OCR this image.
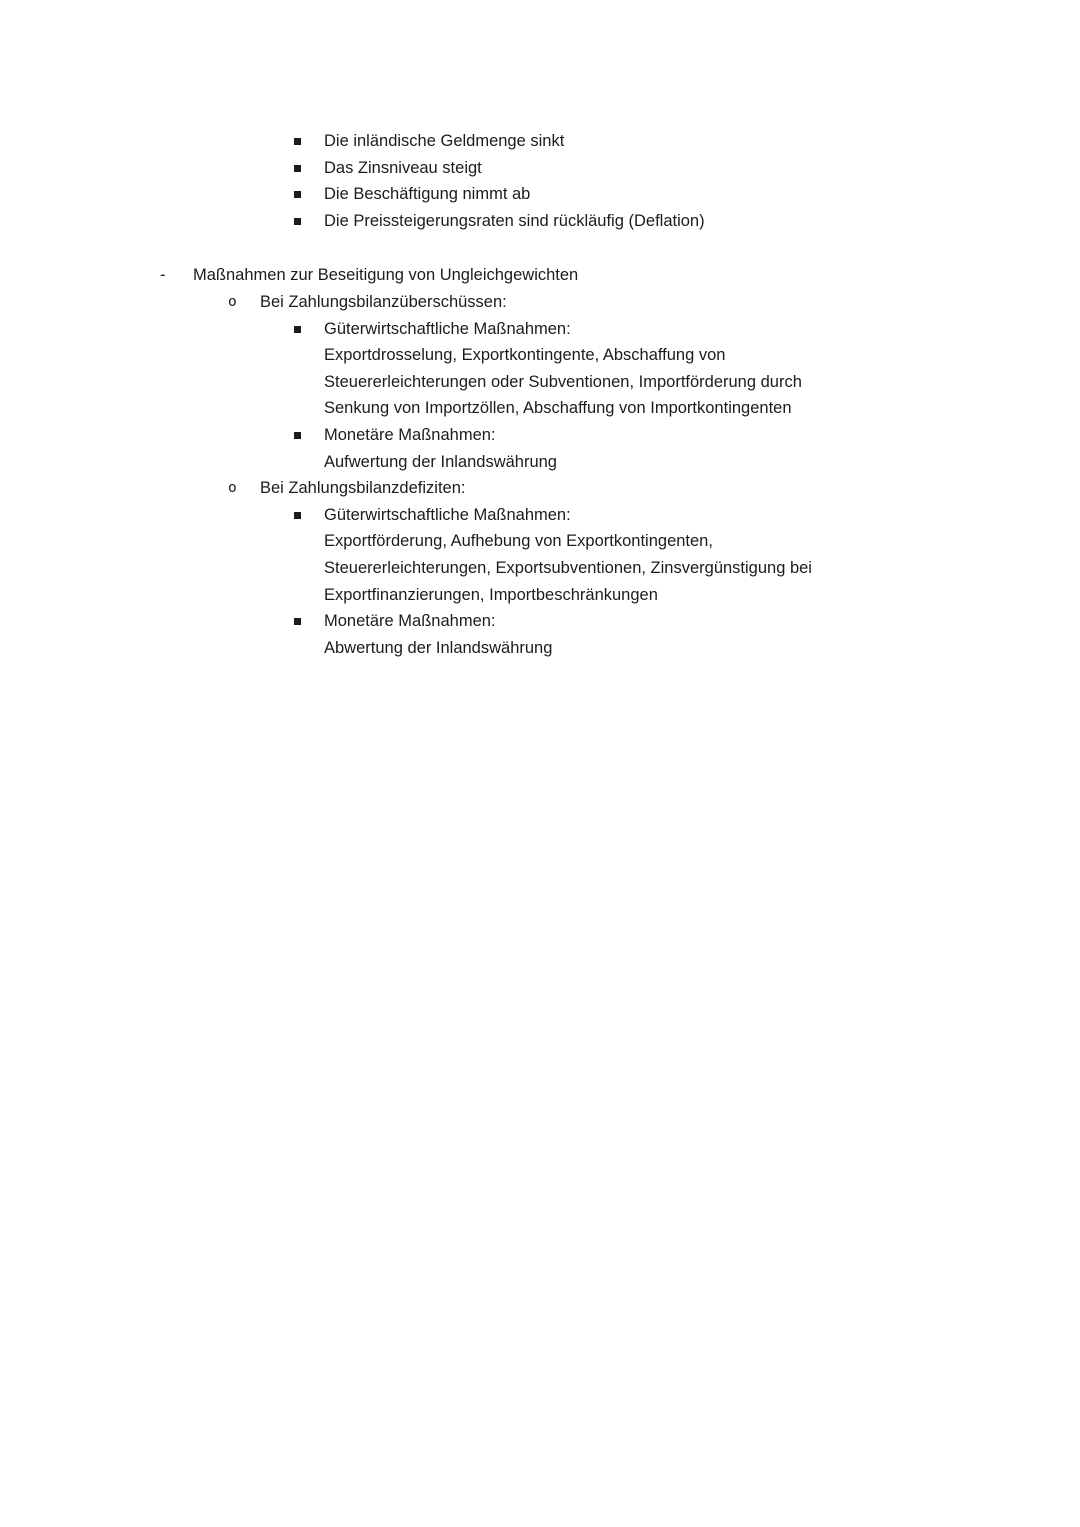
Die inländische Geldmenge sinkt
Das Zinsniveau steigt
Die Beschäftigung nimmt ab
Die Preissteigerungsraten sind rückläufig (Deflation)
- Maßnahmen zur Beseitigung von Ungleichgewichten
o Bei Zahlungsbilanzüberschüssen:
Güterwirtschaftliche Maßnahmen:
Exportdrosselung, Exportkontingente, Abschaffung von
Steuererleichterungen oder Subventionen, Importförderung durch
Senkung von Importzöllen, Abschaffung von Importkontingenten
Monetäre Maßnahmen:
Aufwertung der Inlandswährung
o Bei Zahlungsbilanzdefiziten:
Güterwirtschaftliche Maßnahmen:
Exportförderung, Aufhebung von Exportkontingenten,
Steuererleichterungen, Exportsubventionen, Zinsvergünstigung bei
Exportfinanzierungen, Importbeschränkungen
Monetäre Maßnahmen:
Abwertung der Inlandswährung
